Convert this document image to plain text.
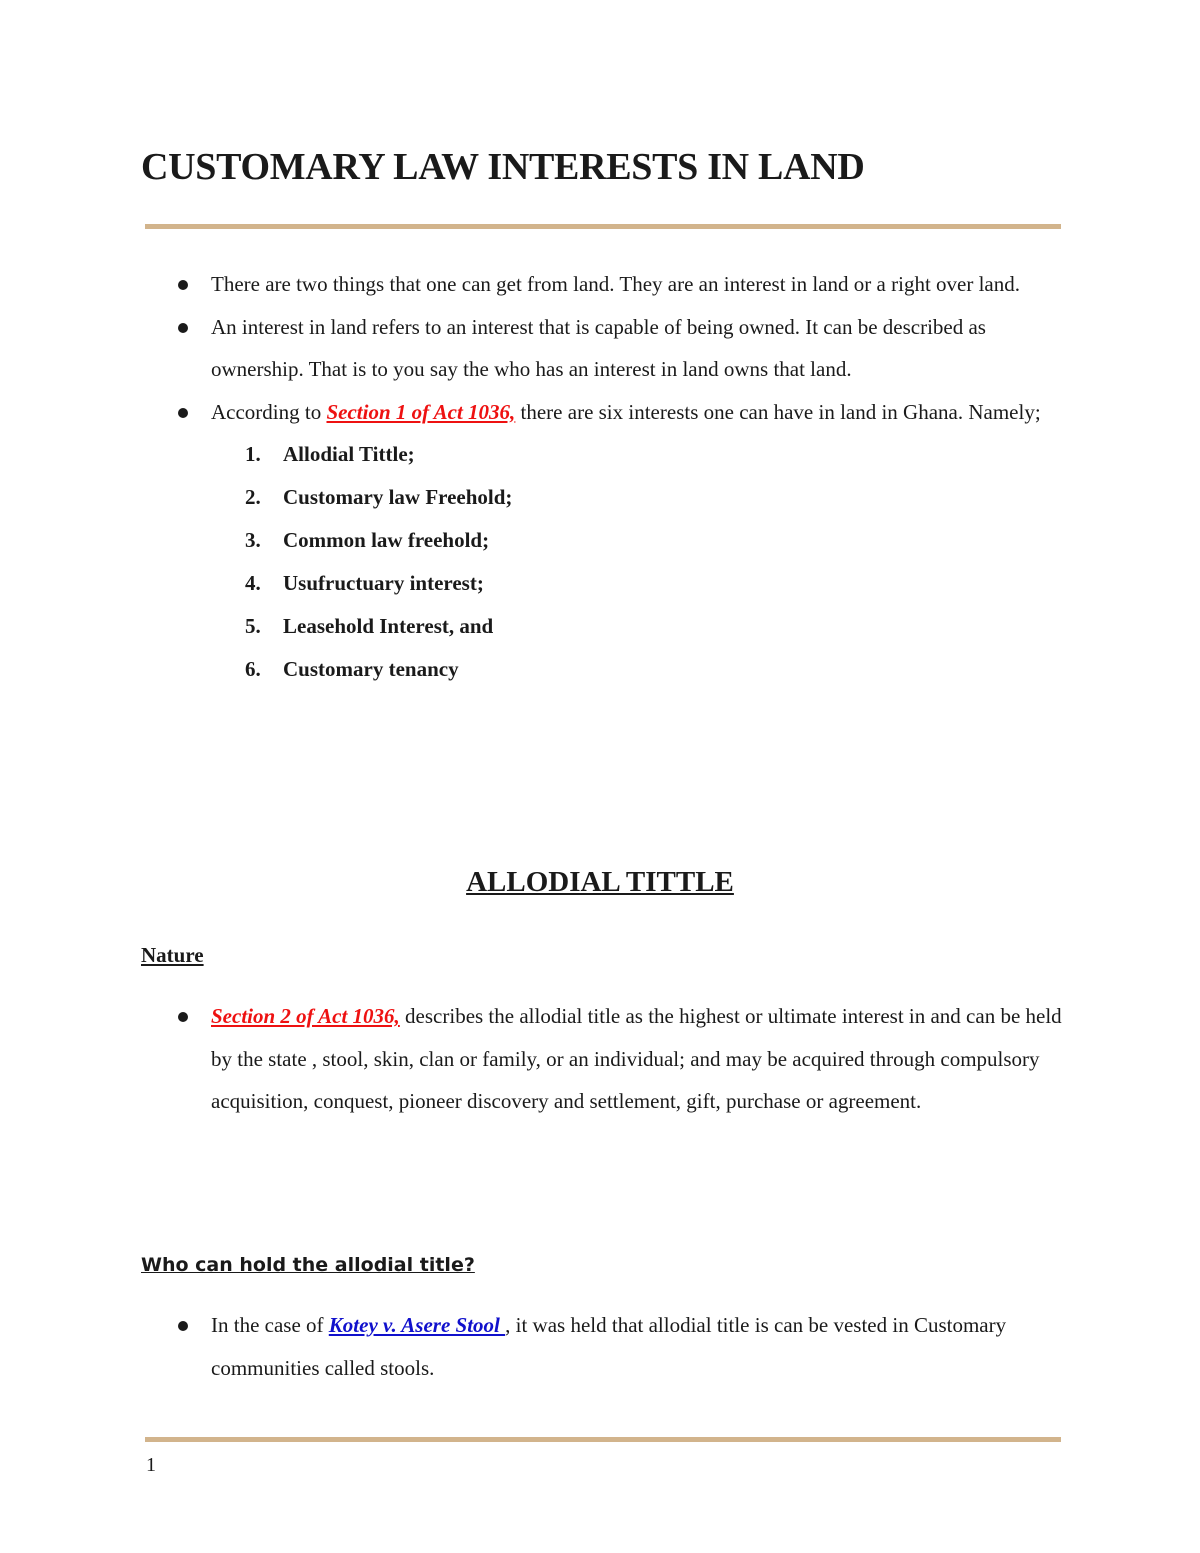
CUSTOMARY LAW INTERESTS IN LAND
There are two things that one can get from land. They are an interest in land or a right over land.
An interest in land refers to an interest that is capable of being owned. It can be described as ownership. That is to you say the who has an interest in land owns that land.
According to Section 1 of Act 1036, there are six interests one can have in land in Ghana. Namely;
1. Allodial Tittle;
2. Customary law Freehold;
3. Common law freehold;
4. Usufructuary interest;
5. Leasehold Interest, and
6. Customary tenancy
ALLODIAL TITTLE
Nature
Section 2 of Act 1036, describes the allodial title as the highest or ultimate interest in and can be held by the state , stool, skin, clan or family, or an individual; and may be acquired through compulsory acquisition, conquest, pioneer discovery and settlement, gift, purchase or agreement.
Who can hold the allodial title?
In the case of Kotey v. Asere Stool , it was held that allodial title is can be vested in Customary communities called stools.
1
